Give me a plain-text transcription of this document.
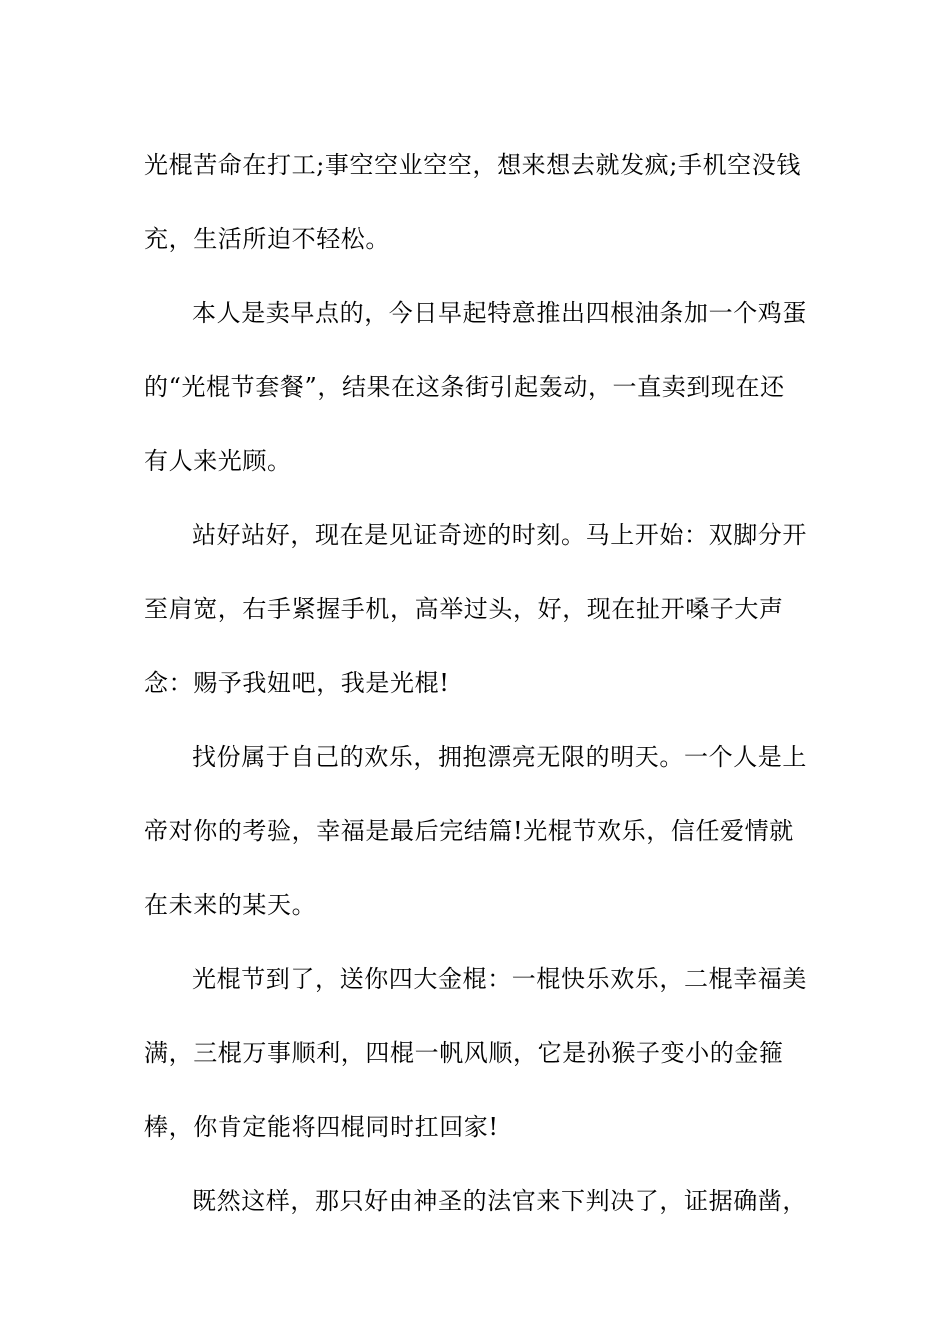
光棍苦命在打工;事空空业空空，想来想去就发疯;手机空没钱充，生活所迫不轻松。

本人是卖早点的，今日早起特意推出四根油条加一个鸡蛋的“光棍节套餐”，结果在这条街引起轰动，一直卖到现在还有人来光顾。

站好站好，现在是见证奇迹的时刻。马上开始：双脚分开至肩宽，右手紧握手机，高举过头，好，现在扯开嗓子大声念：赐予我妞吧，我是光棍!

找份属于自己的欢乐，拥抱漂亮无限的明天。一个人是上帝对你的考验，幸福是最后完结篇!光棍节欢乐，信任爱情就在未来的某天。

光棍节到了，送你四大金棍：一棍快乐欢乐，二棍幸福美满，三棍万事顺利，四棍一帆风顺，它是孙猴子变小的金箍棒，你肯定能将四棍同时扛回家!

既然这样，那只好由神圣的法官来下判决了，证据确凿，
